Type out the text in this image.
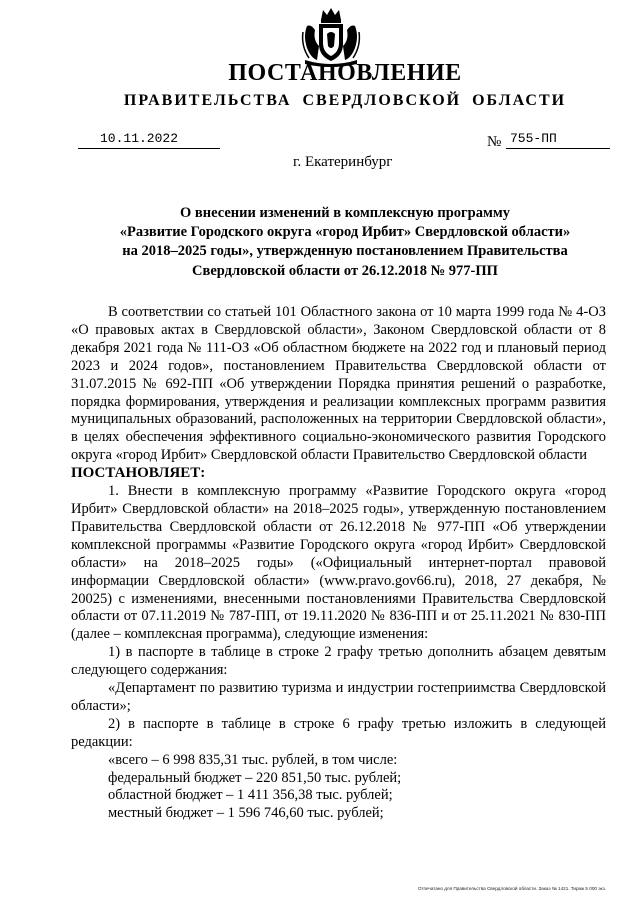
ПОСТАНОВЛЕНИЕ
ПРАВИТЕЛЬСТВА СВЕРДЛОВСКОЙ ОБЛАСТИ
10.11.2022	№ 755-ПП
г. Екатеринбург
О внесении изменений в комплексную программу
«Развитие Городского округа «город Ирбит» Свердловской области»
на 2018–2025 годы», утвержденную постановлением Правительства
Свердловской области от 26.12.2018 № 977-ПП

В соответствии со статьей 101 Областного закона от 10 марта 1999 года № 4-ОЗ «О правовых актах в Свердловской области», Законом Свердловской области от 8 декабря 2021 года № 111-ОЗ «Об областном бюджете на 2022 год и плановый период 2023 и 2024 годов», постановлением Правительства Свердловской области от 31.07.2015 № 692-ПП «Об утверждении Порядка принятия решений о разработке, порядка формирования, утверждения и реализации комплексных программ развития муниципальных образований, расположенных на территории Свердловской области», в целях обеспечения эффективного социально-экономического развития Городского округа «город Ирбит» Свердловской области Правительство Свердловской области

ПОСТАНОВЛЯЕТ:

1. Внести в комплексную программу «Развитие Городского округа «город Ирбит» Свердловской области» на 2018–2025 годы», утвержденную постановлением Правительства Свердловской области от 26.12.2018 № 977-ПП «Об утверждении комплексной программы «Развитие Городского округа «город Ирбит» Свердловской области» на 2018–2025 годы» («Официальный интернет-портал правовой информации Свердловской области» (www.pravo.gov66.ru), 2018, 27 декабря, № 20025) с изменениями, внесенными постановлениями Правительства Свердловской области от 07.11.2019 № 787-ПП, от 19.11.2020 № 836-ПП и от 25.11.2021 № 830-ПП (далее – комплексная программа), следующие изменения:

1) в паспорте в таблице в строке 2 графу третью дополнить абзацем девятым следующего содержания:

«Департамент по развитию туризма и индустрии гостеприимства Свердловской области»;

2) в паспорте в таблице в строке 6 графу третью изложить в следующей редакции:

«всего – 6 998 835,31 тыс. рублей, в том числе:

федеральный бюджет – 220 851,50 тыс. рублей;

областной бюджет – 1 411 356,38 тыс. рублей;

местный бюджет – 1 596 746,60 тыс. рублей;

Отпечатано для Правительства Свердловской области. Заказ № 1421. Тираж 5 000 экз.
